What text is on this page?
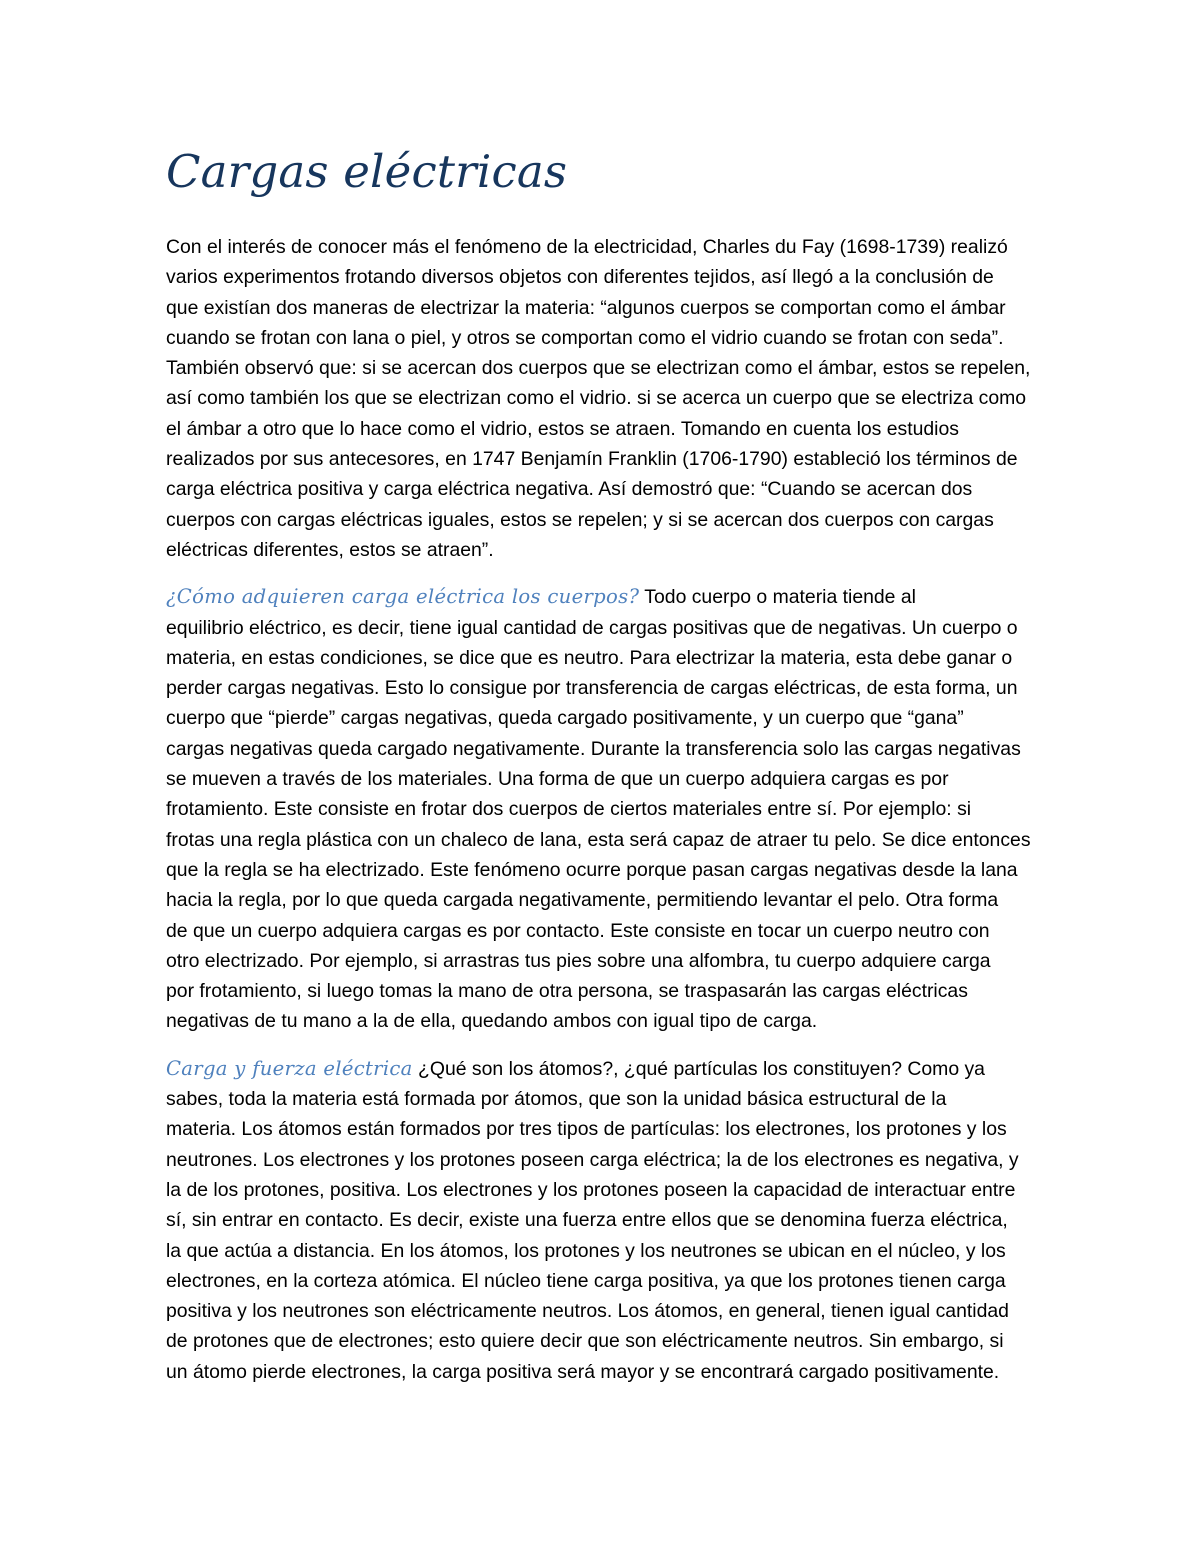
Cargas eléctricas

Con el interés de conocer más el fenómeno de la electricidad, Charles du Fay (1698-1739) realizó
varios experimentos frotando diversos objetos con diferentes tejidos, así llegó a la conclusión de
que existían dos maneras de electrizar la materia: “algunos cuerpos se comportan como el ámbar
cuando se frotan con lana o piel, y otros se comportan como el vidrio cuando se frotan con seda”.
También observó que: si se acercan dos cuerpos que se electrizan como el ámbar, estos se repelen,
así como también los que se electrizan como el vidrio. si se acerca un cuerpo que se electriza como
el ámbar a otro que lo hace como el vidrio, estos se atraen. Tomando en cuenta los estudios
realizados por sus antecesores, en 1747 Benjamín Franklin (1706-1790) estableció los términos de
carga eléctrica positiva y carga eléctrica negativa. Así demostró que: “Cuando se acercan dos
cuerpos con cargas eléctricas iguales, estos se repelen; y si se acercan dos cuerpos con cargas
eléctricas diferentes, estos se atraen”.

¿Cómo adquieren carga eléctrica los cuerpos? Todo cuerpo o materia tiende al
equilibrio eléctrico, es decir, tiene igual cantidad de cargas positivas que de negativas. Un cuerpo o
materia, en estas condiciones, se dice que es neutro. Para electrizar la materia, esta debe ganar o
perder cargas negativas. Esto lo consigue por transferencia de cargas eléctricas, de esta forma, un
cuerpo que “pierde” cargas negativas, queda cargado positivamente, y un cuerpo que “gana”
cargas negativas queda cargado negativamente. Durante la transferencia solo las cargas negativas
se mueven a través de los materiales. Una forma de que un cuerpo adquiera cargas es por
frotamiento. Este consiste en frotar dos cuerpos de ciertos materiales entre sí. Por ejemplo: si
frotas una regla plástica con un chaleco de lana, esta será capaz de atraer tu pelo. Se dice entonces
que la regla se ha electrizado. Este fenómeno ocurre porque pasan cargas negativas desde la lana
hacia la regla, por lo que queda cargada negativamente, permitiendo levantar el pelo. Otra forma
de que un cuerpo adquiera cargas es por contacto. Este consiste en tocar un cuerpo neutro con
otro electrizado. Por ejemplo, si arrastras tus pies sobre una alfombra, tu cuerpo adquiere carga
por frotamiento, si luego tomas la mano de otra persona, se traspasarán las cargas eléctricas
negativas de tu mano a la de ella, quedando ambos con igual tipo de carga.

Carga y fuerza eléctrica ¿Qué son los átomos?, ¿qué partículas los constituyen? Como ya
sabes, toda la materia está formada por átomos, que son la unidad básica estructural de la
materia. Los átomos están formados por tres tipos de partículas: los electrones, los protones y los
neutrones. Los electrones y los protones poseen carga eléctrica; la de los electrones es negativa, y
la de los protones, positiva. Los electrones y los protones poseen la capacidad de interactuar entre
sí, sin entrar en contacto. Es decir, existe una fuerza entre ellos que se denomina fuerza eléctrica,
la que actúa a distancia. En los átomos, los protones y los neutrones se ubican en el núcleo, y los
electrones, en la corteza atómica. El núcleo tiene carga positiva, ya que los protones tienen carga
positiva y los neutrones son eléctricamente neutros. Los átomos, en general, tienen igual cantidad
de protones que de electrones; esto quiere decir que son eléctricamente neutros. Sin embargo, si
un átomo pierde electrones, la carga positiva será mayor y se encontrará cargado positivamente.
